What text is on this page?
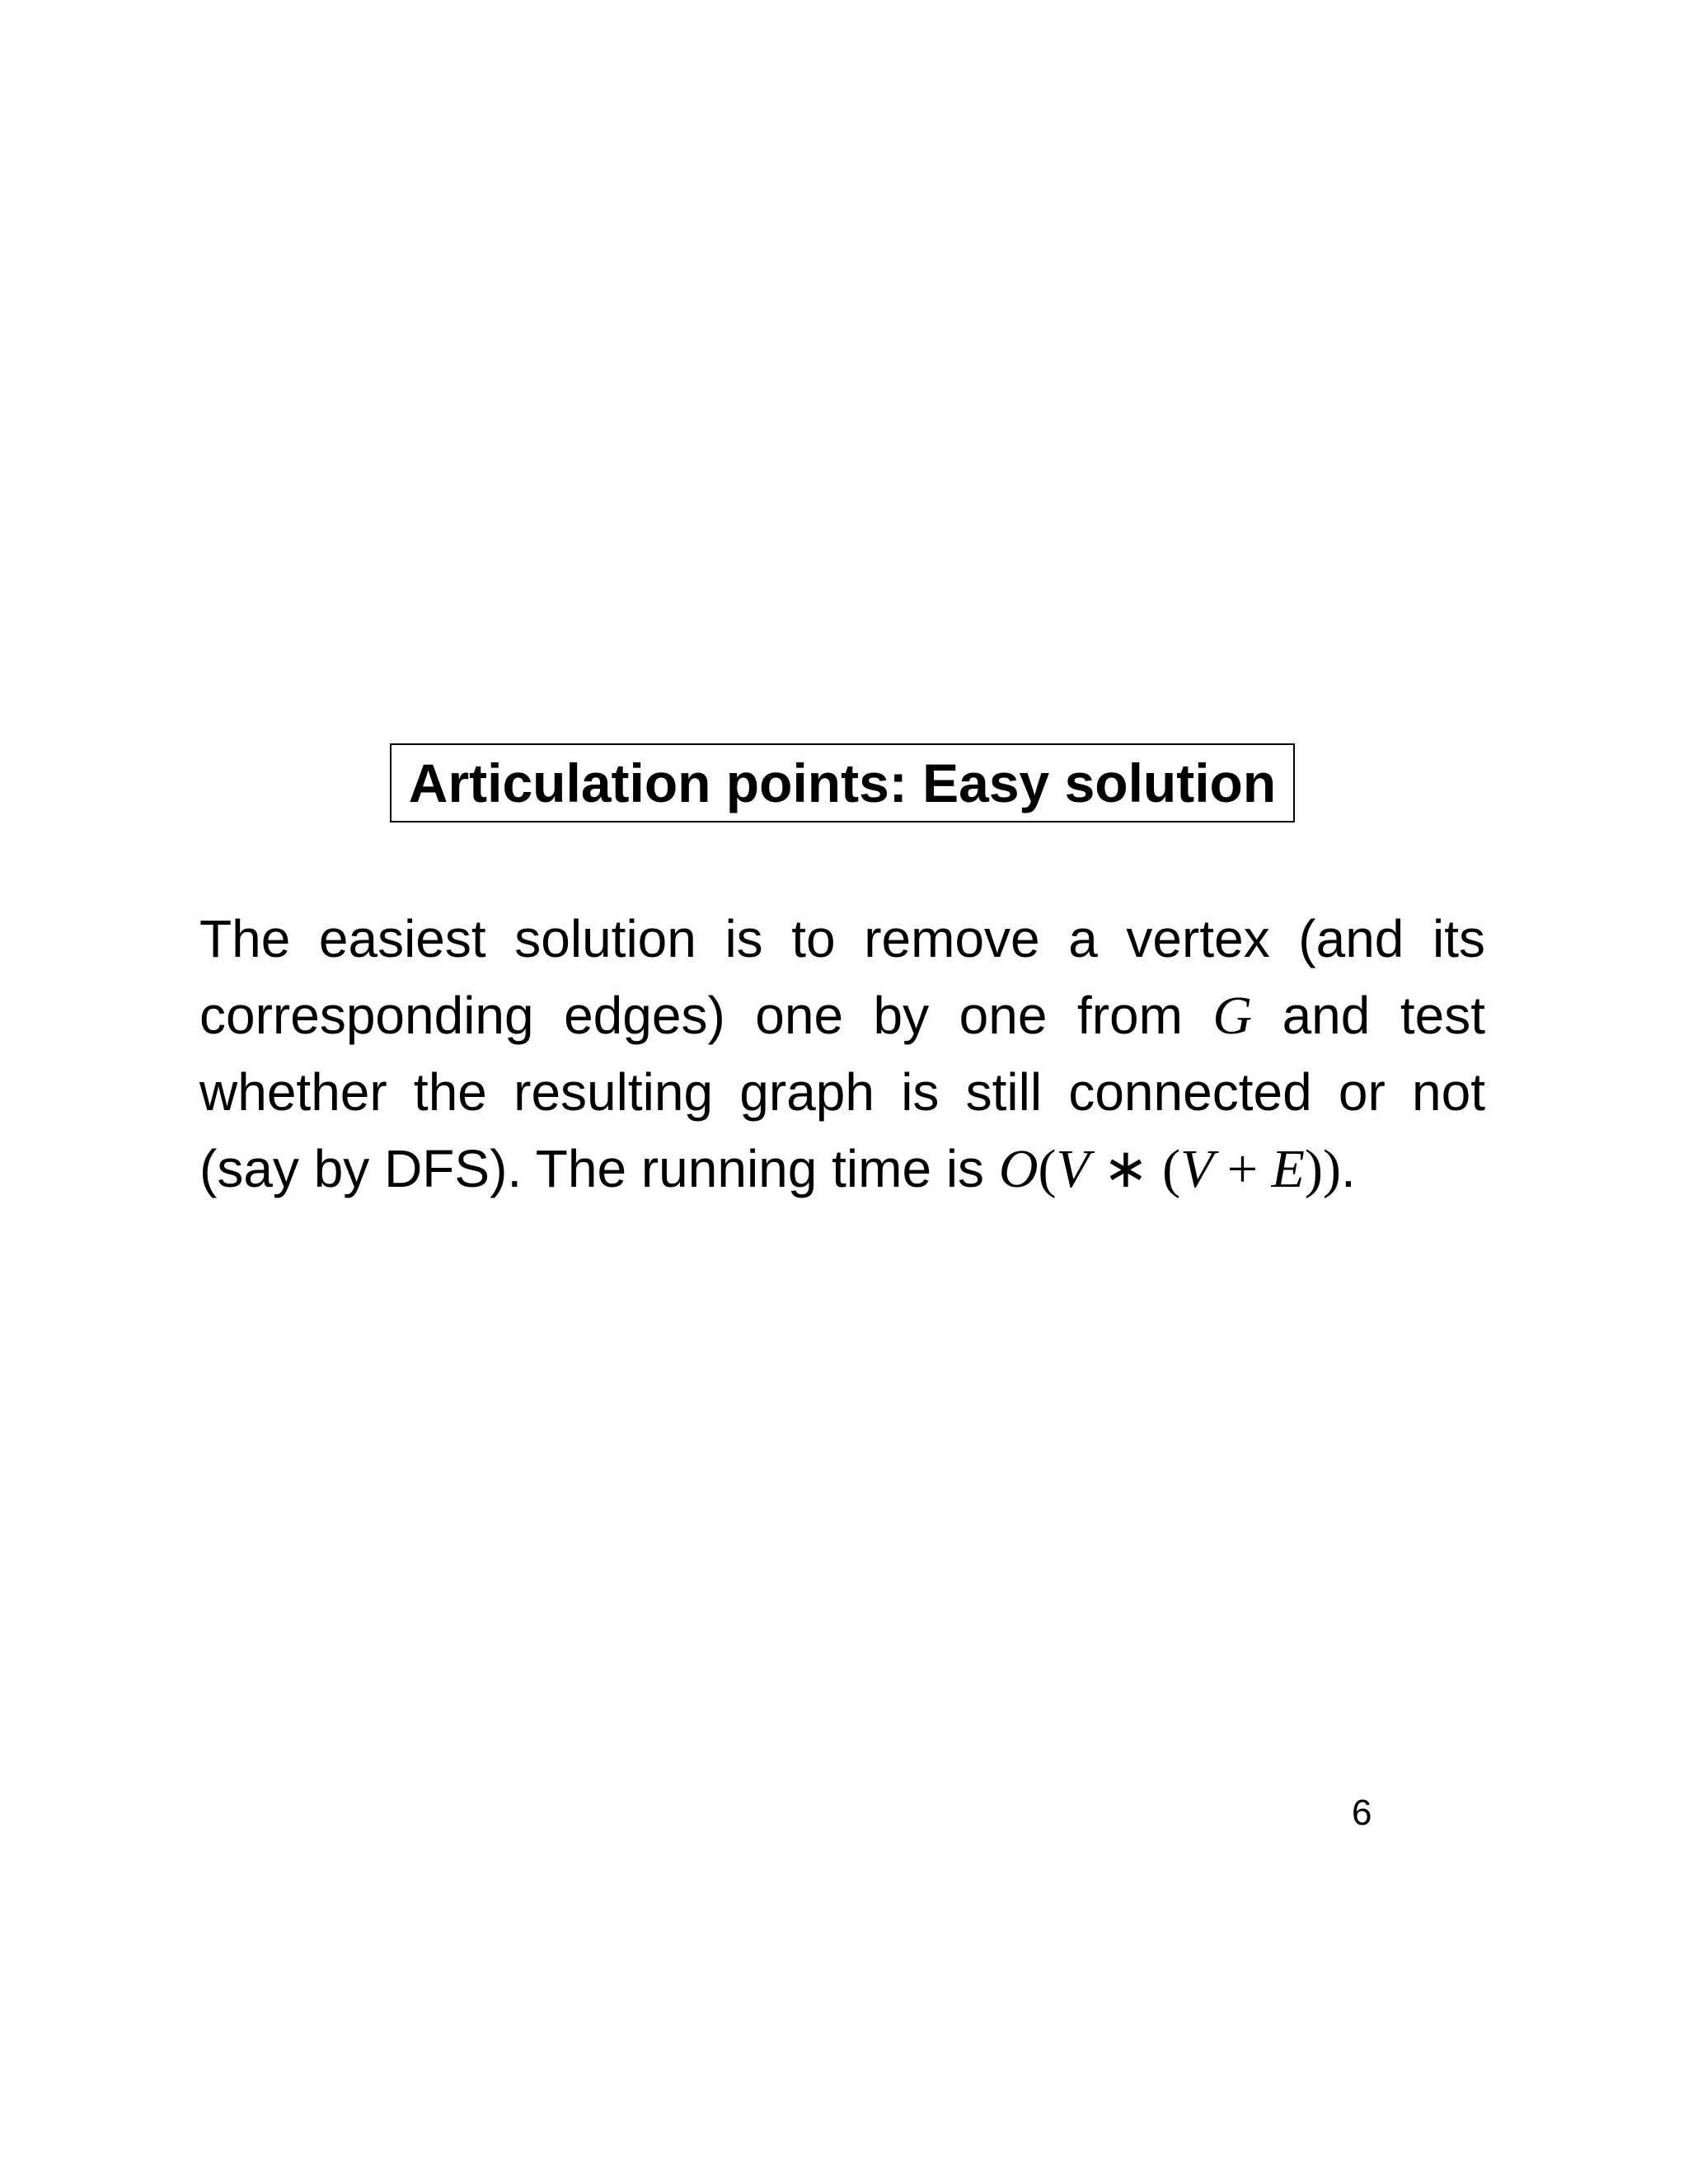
Articulation points: Easy solution
The easiest solution is to remove a vertex (and its corresponding edges) one by one from G and test whether the resulting graph is still connected or not (say by DFS). The running time is O(V ∗ (V + E)).
6
